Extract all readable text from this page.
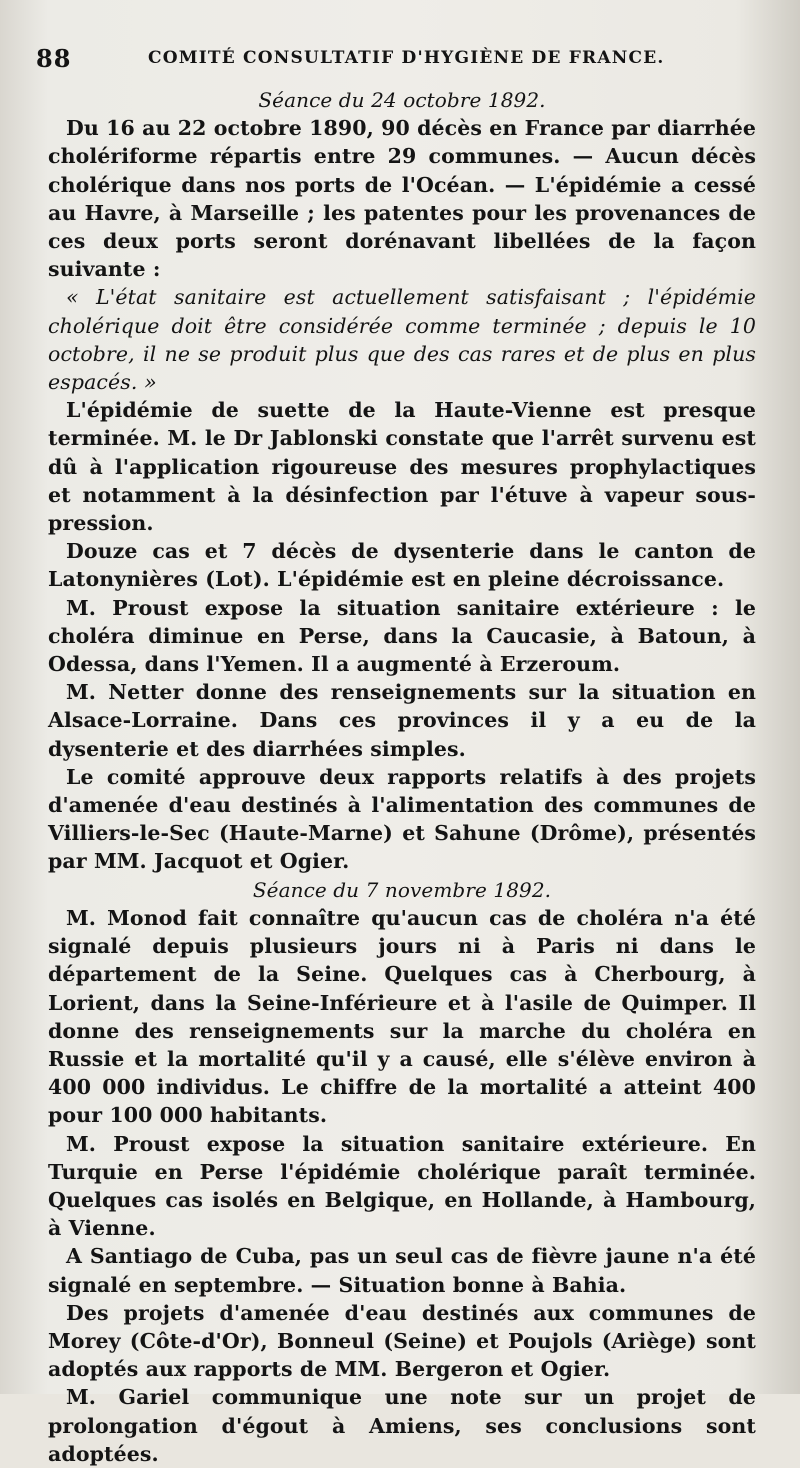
88	COMITÉ CONSULTATIF D'HYGIÈNE DE FRANCE.

Séance du 24 octobre 1892.

Du 16 au 22 octobre 1890, 90 décès en France par diarrhée cholériforme répartis entre 29 communes. — Aucun décès cholérique dans nos ports de l'Océan. — L'épidémie a cessé au Havre, à Marseille ; les patentes pour les provenances de ces deux ports seront dorénavant libellées de la façon suivante :

« L'état sanitaire est actuellement satisfaisant ; l'épidémie cholérique doit être considérée comme terminée ; depuis le 10 octobre, il ne se produit plus que des cas rares et de plus en plus espacés. »

L'épidémie de suette de la Haute-Vienne est presque terminée. M. le Dr Jablonski constate que l'arrêt survenu est dû à l'application rigoureuse des mesures prophylactiques et notamment à la désinfection par l'étuve à vapeur sous-pression.

Douze cas et 7 décès de dysenterie dans le canton de Latonynières (Lot). L'épidémie est en pleine décroissance.

M. Proust expose la situation sanitaire extérieure : le choléra diminue en Perse, dans la Caucasie, à Batoun, à Odessa, dans l'Yemen. Il a augmenté à Erzeroum.

M. Netter donne des renseignements sur la situation en Alsace-Lorraine. Dans ces provinces il y a eu de la dysenterie et des diarrhées simples.

Le comité approuve deux rapports relatifs à des projets d'amenée d'eau destinés à l'alimentation des communes de Villiers-le-Sec (Haute-Marne) et Sahune (Drôme), présentés par MM. Jacquot et Ogier.

Séance du 7 novembre 1892.

M. Monod fait connaître qu'aucun cas de choléra n'a été signalé depuis plusieurs jours ni à Paris ni dans le département de la Seine. Quelques cas à Cherbourg, à Lorient, dans la Seine-Inférieure et à l'asile de Quimper. Il donne des renseignements sur la marche du choléra en Russie et la mortalité qu'il y a causé, elle s'élève environ à 400 000 individus. Le chiffre de la mortalité a atteint 400 pour 100 000 habitants.

M. Proust expose la situation sanitaire extérieure. En Turquie en Perse l'épidémie cholérique paraît terminée. Quelques cas isolés en Belgique, en Hollande, à Hambourg, à Vienne.

A Santiago de Cuba, pas un seul cas de fièvre jaune n'a été signalé en septembre. — Situation bonne à Bahia.

Des projets d'amenée d'eau destinés aux communes de Morey (Côte-d'Or), Bonneul (Seine) et Poujols (Ariège) sont adoptés aux rapports de MM. Bergeron et Ogier.

M. Gariel communique une note sur un projet de prolongation d'égout à Amiens, ses conclusions sont adoptées.
